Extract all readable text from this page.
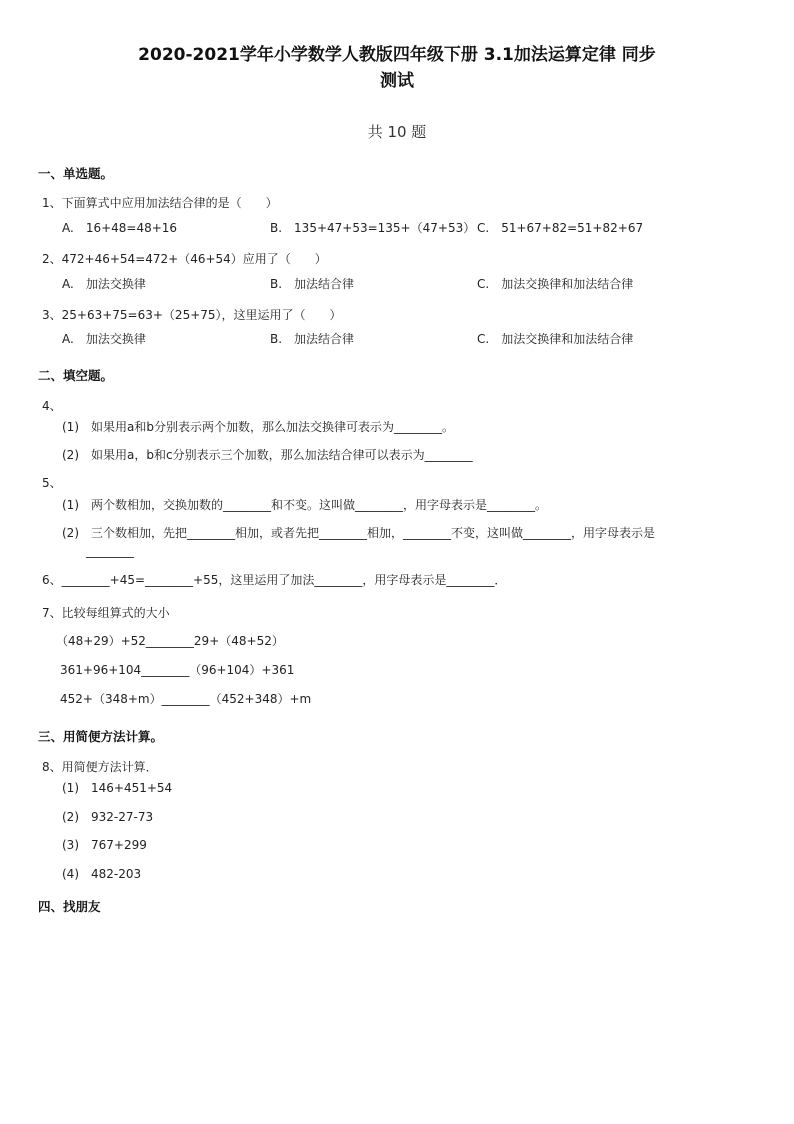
2020-2021学年小学数学人教版四年级下册 3.1加法运算定律 同步
测试
共 10 题
一、单选题。
1、下面算式中应用加法结合律的是（　　）
A.　16+48=48+16	B.　135+47+53=135+（47+53） C.　51+67+82=51+82+67
2、472+46+54=472+（46+54）应用了（　　）
A.　加法交换律	B.　加法结合律	C.　加法交换律和加法结合律
3、25+63+75=63+（25+75），这里运用了（　　）
A.　加法交换律	B.　加法结合律	C.　加法交换律和加法结合律
二、填空题。
4、
(1)　如果用a和b分别表示两个加数，那么加法交换律可表示为________。
(2)　如果用a，b和c分别表示三个加数，那么加法结合律可以表示为________
5、
(1)　两个数相加，交换加数的________和不变。这叫做________，用字母表示是________。
(2)　三个数相加，先把________相加，或者先把________相加，________不变，这叫做________，用字母表示是
________
6、________+45=________+55，这里运用了加法________，用字母表示是________．
7、比较每组算式的大小
（48+29）+52________29+（48+52）
361+96+104________（96+104）+361
452+（348+m）________（452+348）+m
三、用简便方法计算。
8、用简便方法计算．
(1)　146+451+54
(2)　932-27-73
(3)　767+299
(4)　482-203
四、找朋友
